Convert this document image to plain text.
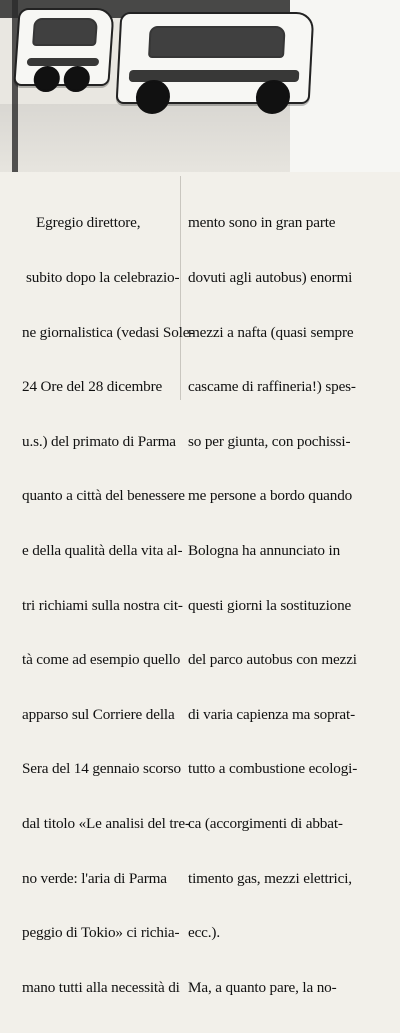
Egregio direttore,

subito dopo la celebrazio-

ne giornalistica (vedasi Sole-

24 Ore del 28 dicembre

u.s.) del primato di Parma

quanto a città del benessere

e della qualità della vita al-

tri richiami sulla nostra cit-

tà come ad esempio quello

apparso sul Corriere della

Sera del 14 gennaio scorso

dal titolo «Le analisi del tre-

no verde: l'aria di Parma

peggio di Tokio» ci richia-

mano tutti alla necessità di

mento sono in gran parte

dovuti agli autobus) enormi

mezzi a nafta (quasi sempre

cascame di raffineria!) spes-

so per giunta, con pochissi-

me persone a bordo quando

Bologna ha annunciato in

questi giorni la sostituzione

del parco autobus con mezzi

di varia capienza ma soprat-

tutto a combustione ecologi-

ca (accorgimenti di abbat-

timento gas, mezzi elettrici,

ecc.).

Ma, a quanto pare, la no-
